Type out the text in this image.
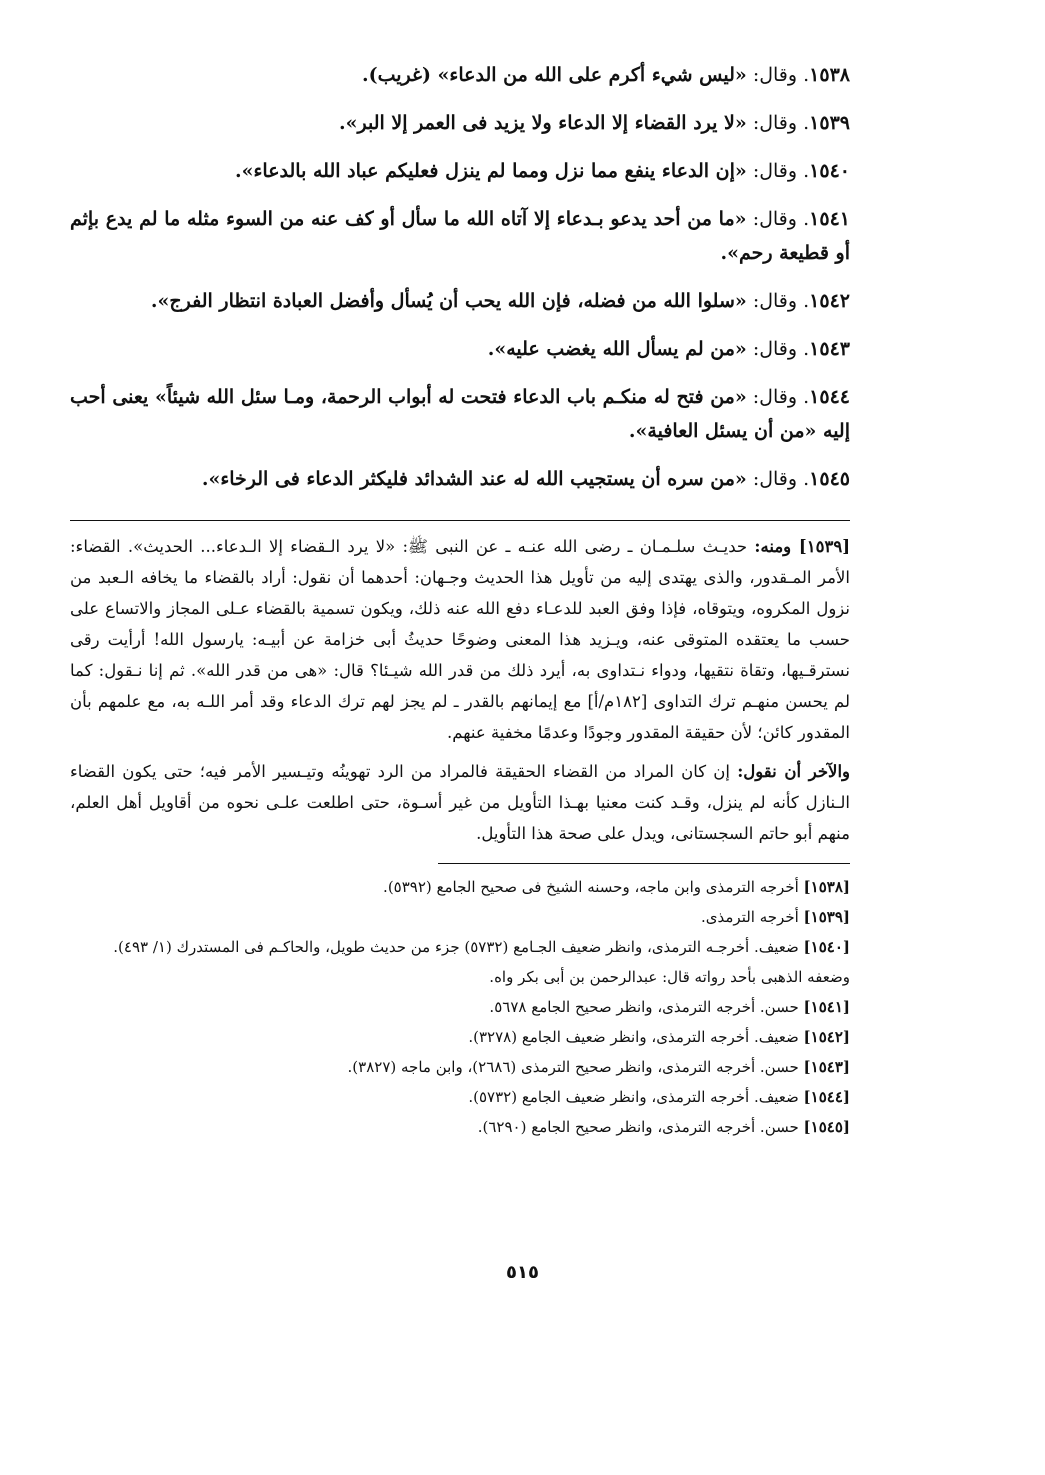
١٥٣٨. وقال: «ليس شيء أكرم على الله من الدعاء» (غريب).

١٥٣٩. وقال: «لا يرد القضاء إلا الدعاء ولا يزيد فى العمر إلا البر».

١٥٤٠. وقال: «إن الدعاء ينفع مما نزل ومما لم ينزل فعليكم عباد الله بالدعاء».

١٥٤١. وقال: «ما من أحد يدعو بـدعاء إلا آتاه الله ما سأل أو كف عنه من السوء مثله ما لم يدع بإثم أو قطيعة رحم».

١٥٤٢. وقال: «سلوا الله من فضله، فإن الله يحب أن يُسأل وأفضل العبادة انتظار الفرج».

١٥٤٣. وقال: «من لم يسأل الله يغضب عليه».

١٥٤٤. وقال: «من فتح له منكـم باب الدعاء فتحت له أبواب الرحمة، ومـا سئل الله شيئاً» يعنى أحب إليه «من أن يسئل العافية».

١٥٤٥. وقال: «من سره أن يستجيب الله له عند الشدائد فليكثر الدعاء فى الرخاء».

[١٥٣٩] ومنه: حديـث سلـمـان ـ رضى الله عنـه ـ عن النبى ﷺ: «لا يرد الـقضاء إلا الـدعاء... الحديث». القضاء: الأمر المـقدور، والذى يهتدى إليه من تأويل هذا الحديث وجـهان: أحدهما أن نقول: أراد بالقضاء ما يخافه الـعبد من نزول المكروه، ويتوقاه، فإذا وفق العبد للدعـاء دفع الله عنه ذلك، ويكون تسمية بالقضاء عـلى المجاز والاتساع على حسب ما يعتقده المتوقى عنه، ويـزيد هذا المعنى وضوحًا حديثُ أبى خزامة عن أبيـه: يارسول الله! أرأيت رقى نسترقـيها، وتقاة نتقيها، ودواء نـتداوى به، أيرد ذلك من قدر الله شيـئا؟ قال: «هى من قدر الله». ثم إنا نـقول: كما لم يحسن منهـم ترك التداوى [١٨٢م/أ] مع إيمانهم بالقدر ـ لم يجز لهم ترك الدعاء وقد أمر اللـه به، مع علمهم بأن المقدور كائن؛ لأن حقيقة المقدور وجودًا وعدمًا مخفية عنهم.

والآخر أن نقول: إن كان المراد من القضاء الحقيقة فالمراد من الرد تهوينُه وتيـسير الأمر فيه؛ حتى يكون القضاء الـنازل كأنه لم ينزل، وقـد كنت معنيا بهـذا التأويل من غير أسـوة، حتى اطلعت علـى نحوه من أقاويل أهل العلم، منهم أبو حاتم السجستانى، ويدل على صحة هذا التأويل.

[١٥٣٨] أخرجه الترمذى وابن ماجه، وحسنه الشيخ فى صحيح الجامع (٥٣٩٢).

[١٥٣٩] أخرجه الترمذى.

[١٥٤٠] ضعيف. أخرجـه الترمذى، وانظر ضعيف الجـامع (٥٧٣٢) جزء من حديث طويل، والحاكـم فى المستدرك (١/ ٤٩٣). وضعفه الذهبى بأحد رواته قال: عبدالرحمن بن أبى بكر واه.

[١٥٤١] حسن. أخرجه الترمذى، وانظر صحيح الجامع ٥٦٧٨.

[١٥٤٢] ضعيف. أخرجه الترمذى، وانظر ضعيف الجامع (٣٢٧٨).

[١٥٤٣] حسن. أخرجه الترمذى، وانظر صحيح الترمذى (٢٦٨٦)، وابن ماجه (٣٨٢٧).

[١٥٤٤] ضعيف. أخرجه الترمذى، وانظر ضعيف الجامع (٥٧٣٢).

[١٥٤٥] حسن. أخرجه الترمذى، وانظر صحيح الجامع (٦٢٩٠).

٥١٥
